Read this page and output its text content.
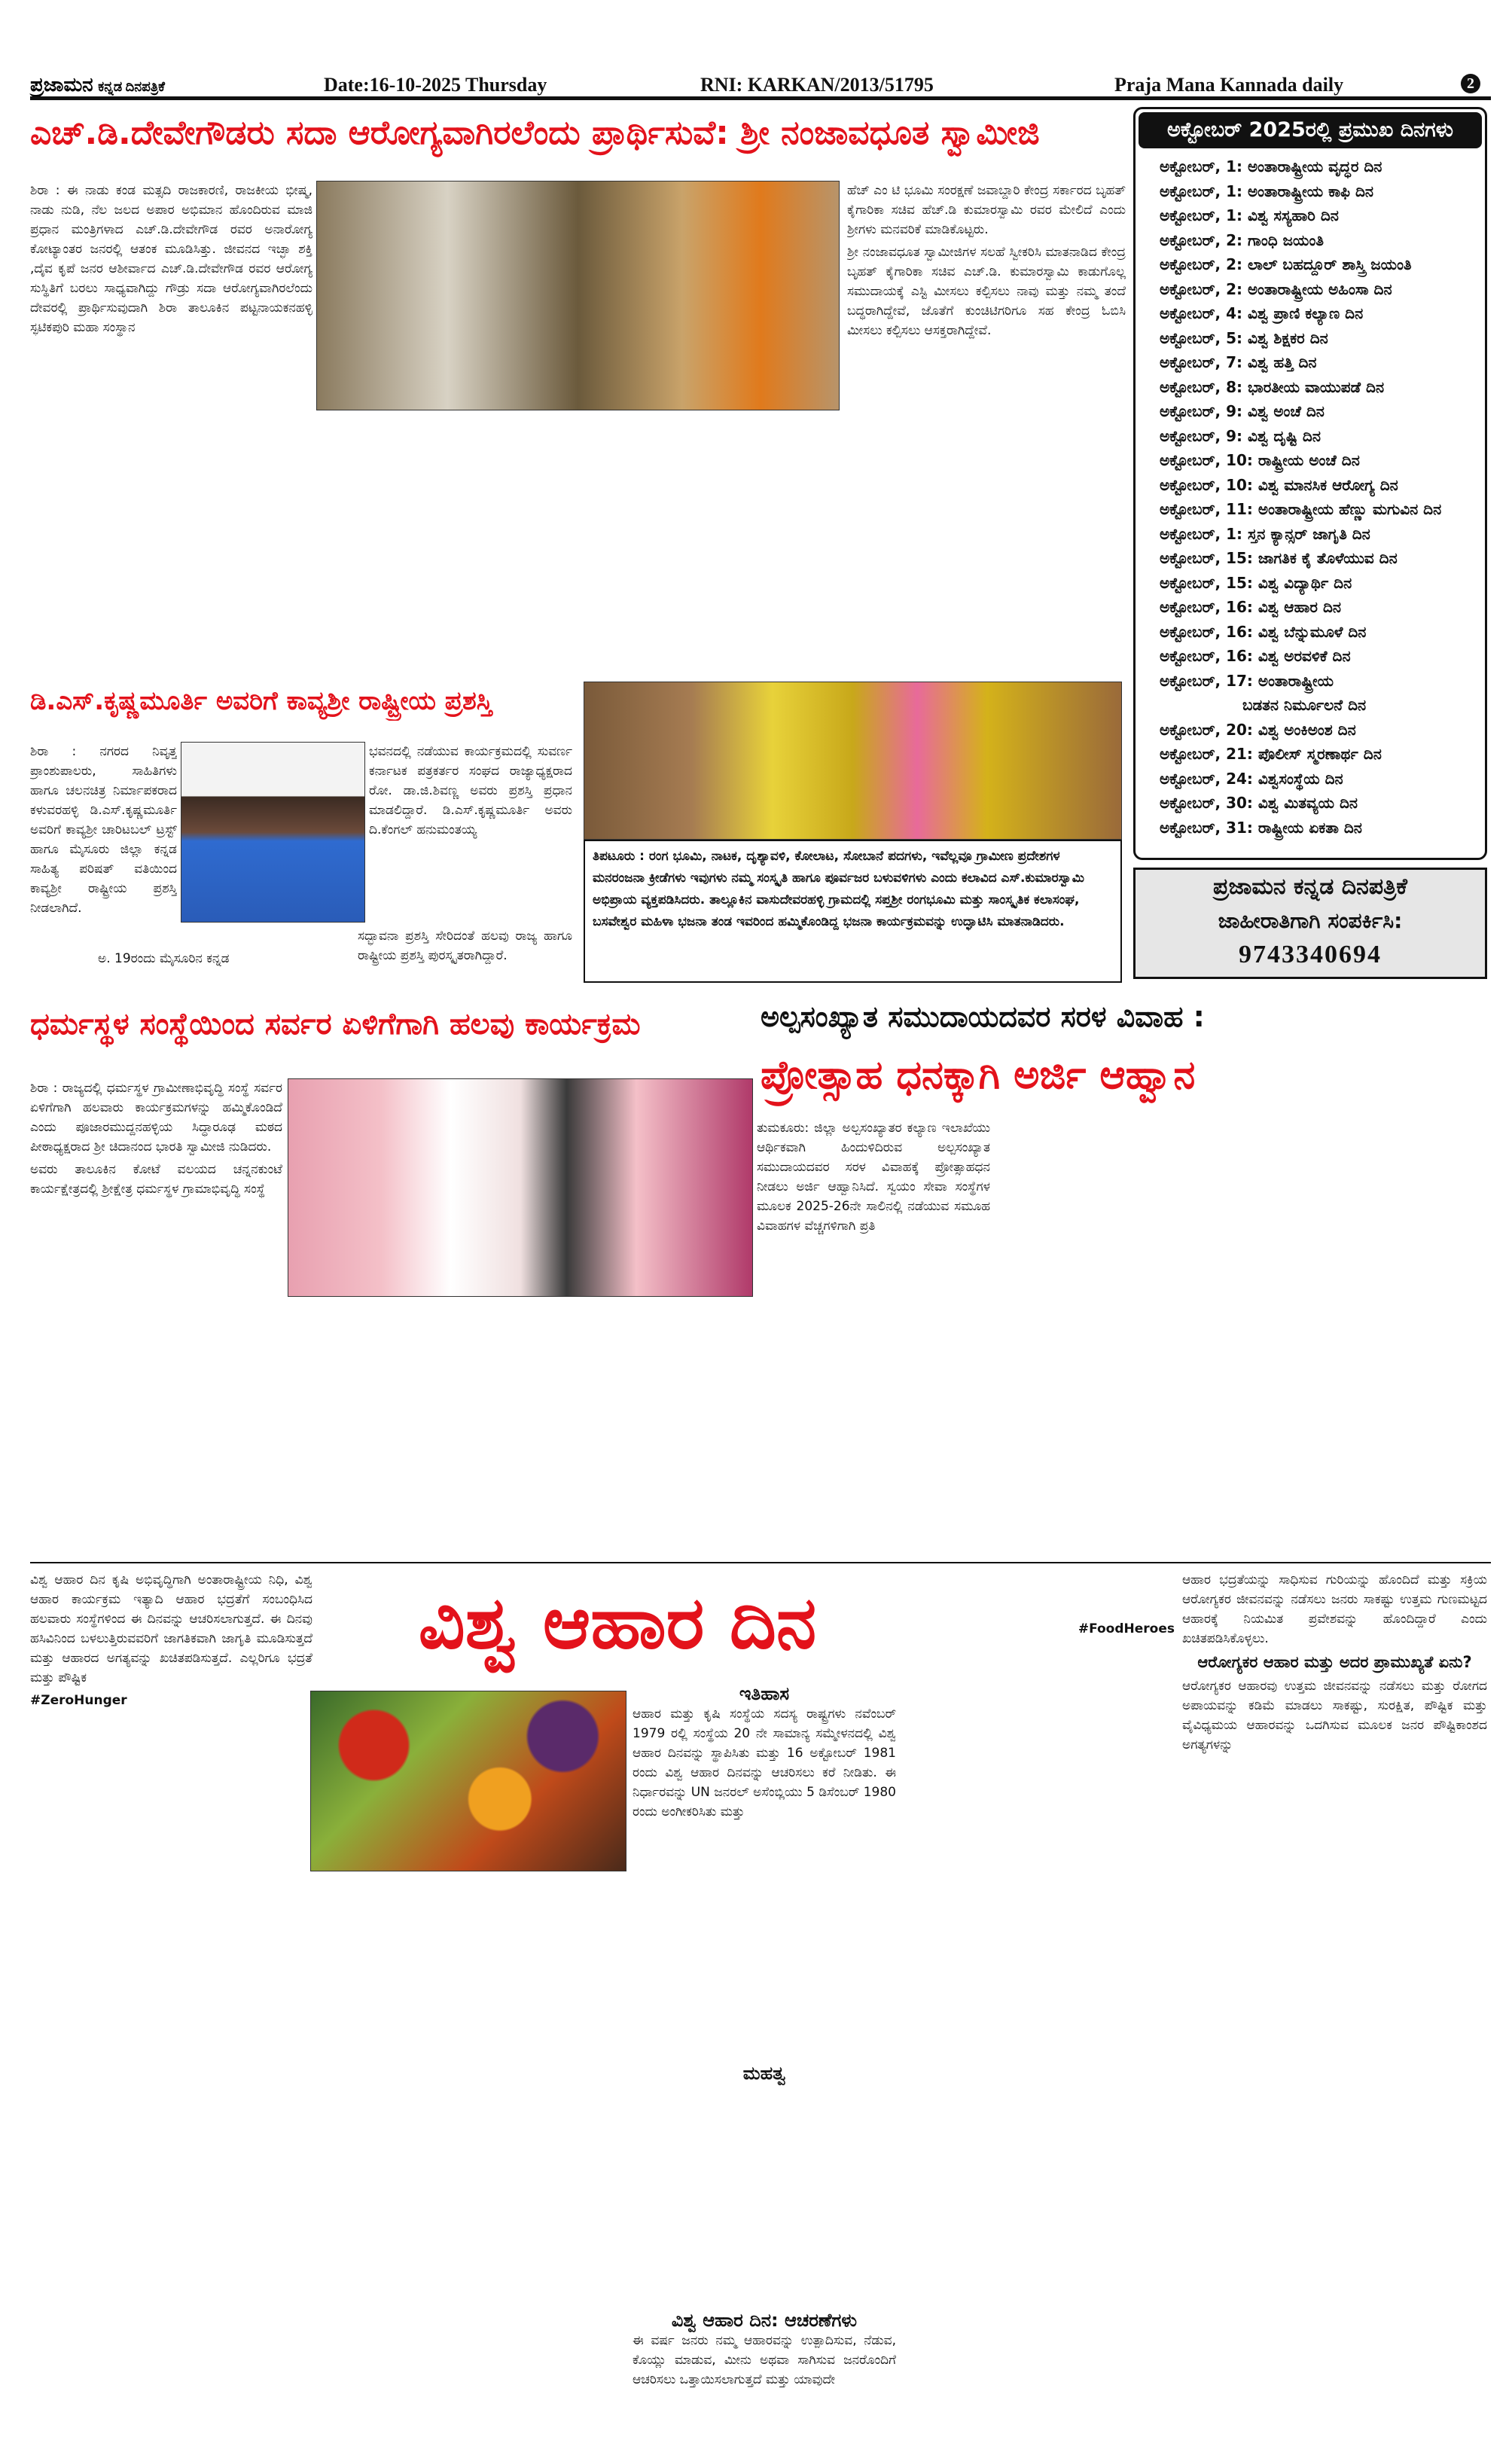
ಪ್ರಜಾಮನ ಕನ್ನಡ ದಿನಪತ್ರಿಕೆ	Date:16-10-2025 Thursday	RNI: KARKAN/2013/51795	Praja Mana Kannada daily	2
ಎಚ್.ಡಿ.ದೇವೇಗೌಡರು ಸದಾ ಆರೋಗ್ಯವಾಗಿರಲೆಂದು ಪ್ರಾರ್ಥಿಸುವೆ: ಶ್ರೀ ನಂಜಾವಧೂತ ಸ್ವಾಮೀಜಿ
ಶಿರಾ : ಈ ನಾಡು ಕಂಡ ಮತ್ಸದಿ ರಾಜಕಾರಣಿ, ರಾಜಕೀಯ ಭೀಷ್ಮ, ನಾಡು ನುಡಿ, ನೆಲ ಜಲದ ಅಪಾರ ಅಭಿಮಾನ ಹೊಂದಿರುವ ಮಾಜಿ ಪ್ರಧಾನ ಮಂತ್ರಿಗಳಾದ ಎಚ್.ಡಿ.ದೇವೇಗೌಡ ರವರ ಅನಾರೋಗ್ಯ ಕೋಟ್ಯಾಂತರ ಜನರಲ್ಲಿ ಆತಂಕ ಮೂಡಿಸಿತ್ತು. ಜೀವನದ ಇಚ್ಛಾ ಶಕ್ತಿ ,ದೈವ ಕೃಪೆ ಜನರ ಆಶೀರ್ವಾದ ಎಚ್.ಡಿ.ದೇವೇಗೌಡ ರವರ ಆರೋಗ್ಯ ಸುಸ್ಥಿತಿಗೆ ಬರಲು ಸಾಧ್ಯವಾಗಿದ್ದು ಗೌಡ್ರು ಸದಾ ಆರೋಗ್ಯವಾಗಿರಲೆಂದು ದೇವರಲ್ಲಿ ಪ್ರಾರ್ಥಿಸುವುದಾಗಿ ಶಿರಾ ತಾಲೂಕಿನ ಪಟ್ಟನಾಯಕನಹಳ್ಳಿ ಸ್ಫಟಿಕಪುರಿ ಮಹಾ ಸಂಸ್ಥಾನ

ಹೆಚ್ ಎಂ ಟಿ ಭೂಮಿ ಸಂರಕ್ಷಣೆ ಜವಾಬ್ದಾರಿ ಕೇಂದ್ರ ಸರ್ಕಾರದ ಬೃಹತ್ ಕೈಗಾರಿಕಾ ಸಚಿವ ಹೆಚ್.ಡಿ ಕುಮಾರಸ್ವಾಮಿ ರವರ ಮೇಲಿದೆ ಎಂದು ಶ್ರೀಗಳು ಮನವರಿಕೆ ಮಾಡಿಕೊಟ್ಟರು.

ಶ್ರೀ ನಂಜಾವಧೂತ ಸ್ವಾಮೀಜಿಗಳ ಸಲಹೆ ಸ್ವೀಕರಿಸಿ ಮಾತನಾಡಿದ ಕೇಂದ್ರ ಬೃಹತ್ ಕೈಗಾರಿಕಾ ಸಚಿವ ಎಚ್.ಡಿ. ಕುಮಾರಸ್ವಾಮಿ ಕಾಡುಗೊಲ್ಲ ಸಮುದಾಯಕ್ಕೆ ಎಸ್ಟಿ ಮೀಸಲು ಕಲ್ಪಿಸಲು ನಾವು ಮತ್ತು ನಮ್ಮ ತಂದೆ ಬದ್ಧರಾಗಿದ್ದೇವೆ, ಜೊತೆಗೆ ಕುಂಚಿಟಿಗರಿಗೂ ಸಹ ಕೇಂದ್ರ ಓಬಿಸಿ ಮೀಸಲು ಕಲ್ಪಿಸಲು ಆಸಕ್ತರಾಗಿದ್ದೇವೆ.

ಡಿ.ಎಸ್.ಕೃಷ್ಣಮೂರ್ತಿ ಅವರಿಗೆ ಕಾವ್ಯಶ್ರೀ ರಾಷ್ಟ್ರೀಯ ಪ್ರಶಸ್ತಿ
ಶಿರಾ : ನಗರದ ನಿವೃತ್ತ ಪ್ರಾಂಶುಪಾಲರು, ಸಾಹಿತಿಗಳು ಹಾಗೂ ಚಲನಚಿತ್ರ ನಿರ್ಮಾಪಕರಾದ ಕಳುವರಹಳ್ಳಿ ಡಿ.ಎಸ್.ಕೃಷ್ಣಮೂರ್ತಿ ಅವರಿಗೆ ಕಾವ್ಯಶ್ರೀ ಚಾರಿಟಬಲ್ ಟ್ರಸ್ಟ್ ಹಾಗೂ ಮೈಸೂರು ಜಿಲ್ಲಾ ಕನ್ನಡ ಸಾಹಿತ್ಯ ಪರಿಷತ್ ವತಿಯಿಂದ ಕಾವ್ಯಶ್ರೀ ರಾಷ್ಟ್ರೀಯ ಪ್ರಶಸ್ತಿ ನೀಡಲಾಗಿದೆ.
ಭವನದಲ್ಲಿ ನಡೆಯುವ ಕಾರ್ಯಕ್ರಮದಲ್ಲಿ ಸುವರ್ಣ ಕರ್ನಾಟಕ ಪತ್ರಕರ್ತರ ಸಂಘದ ರಾಜ್ಯಾಧ್ಯಕ್ಷರಾದ ರೋ. ಡಾ.ಜಿ.ಶಿವಣ್ಣ ಅವರು ಪ್ರಶಸ್ತಿ ಪ್ರಧಾನ ಮಾಡಲಿದ್ದಾರೆ. ಡಿ.ಎಸ್.ಕೃಷ್ಣಮೂರ್ತಿ ಅವರು ದಿ.ಕೆಂಗಲ್ ಹನುಮಂತಯ್ಯ
ಅ. 19ರಂದು ಮೈಸೂರಿನ ಕನ್ನಡ
ಸದ್ಭಾವನಾ ಪ್ರಶಸ್ತಿ ಸೇರಿದಂತೆ ಹಲವು ರಾಜ್ಯ ಹಾಗೂ ರಾಷ್ಟ್ರೀಯ ಪ್ರಶಸ್ತಿ ಪುರಸ್ಕೃತರಾಗಿದ್ದಾರೆ.
ತಿಪಟೂರು : ರಂಗ ಭೂಮಿ, ನಾಟಕ, ದೃಶ್ಯಾವಳಿ, ಕೋಲಾಟ, ಸೋಬಾನೆ ಪದಗಳು, ಇವೆಲ್ಲವೂ ಗ್ರಾಮೀಣ ಪ್ರದೇಶಗಳ ಮನರಂಜನಾ ಕ್ರೀಡೆಗಳು ಇವುಗಳು ನಮ್ಮ ಸಂಸ್ಕೃತಿ ಹಾಗೂ ಪೂರ್ವಜರ ಬಳುವಳಿಗಳು ಎಂದು ಕಲಾವಿದ ಎಸ್.ಕುಮಾರಸ್ವಾಮಿ ಅಭಿಪ್ರಾಯ ವ್ಯಕ್ತಪಡಿಸಿದರು. ತಾಲ್ಲೂಕಿನ ವಾಸುದೇವರಹಳ್ಳಿ ಗ್ರಾಮದಲ್ಲಿ ಸಪ್ತಶ್ರೀ ರಂಗಭೂಮಿ ಮತ್ತು ಸಾಂಸ್ಕೃತಿಕ ಕಲಾಸಂಘ, ಬಸವೇಶ್ವರ ಮಹಿಳಾ ಭಜನಾ ತಂಡ ಇವರಿಂದ ಹಮ್ಮಿಕೊಂಡಿದ್ದ ಭಜನಾ ಕಾರ್ಯಕ್ರಮವನ್ನು ಉದ್ಘಾಟಿಸಿ ಮಾತನಾಡಿದರು.
ಅಕ್ಟೋಬರ್ 2025ರಲ್ಲಿ ಪ್ರಮುಖ ದಿನಗಳು
ಅಕ್ಟೋಬರ್, 1: ಅಂತಾರಾಷ್ಟ್ರೀಯ ವೃದ್ಧರ ದಿನ
ಅಕ್ಟೋಬರ್, 1: ಅಂತಾರಾಷ್ಟ್ರೀಯ ಕಾಫಿ ದಿನ
ಅಕ್ಟೋಬರ್, 1: ವಿಶ್ವ ಸಸ್ಯಹಾರಿ ದಿನ
ಅಕ್ಟೋಬರ್, 2: ಗಾಂಧಿ ಜಯಂತಿ
ಅಕ್ಟೋಬರ್, 2: ಲಾಲ್ ಬಹದ್ದೂರ್ ಶಾಸ್ತ್ರಿ ಜಯಂತಿ
ಅಕ್ಟೋಬರ್, 2: ಅಂತಾರಾಷ್ಟ್ರೀಯ ಅಹಿಂಸಾ ದಿನ
ಅಕ್ಟೋಬರ್, 4: ವಿಶ್ವ ಪ್ರಾಣಿ ಕಲ್ಯಾಣ ದಿನ
ಅಕ್ಟೋಬರ್, 5: ವಿಶ್ವ ಶಿಕ್ಷಕರ ದಿನ
ಅಕ್ಟೋಬರ್, 7: ವಿಶ್ವ ಹತ್ತಿ ದಿನ
ಅಕ್ಟೋಬರ್, 8: ಭಾರತೀಯ ವಾಯುಪಡೆ ದಿನ
ಅಕ್ಟೋಬರ್, 9: ವಿಶ್ವ ಅಂಚೆ ದಿನ
ಅಕ್ಟೋಬರ್, 9: ವಿಶ್ವ ದೃಷ್ಟಿ ದಿನ
ಅಕ್ಟೋಬರ್, 10: ರಾಷ್ಟ್ರೀಯ ಅಂಚೆ ದಿನ
ಅಕ್ಟೋಬರ್, 10: ವಿಶ್ವ ಮಾನಸಿಕ ಆರೋಗ್ಯ ದಿನ
ಅಕ್ಟೋಬರ್, 11: ಅಂತಾರಾಷ್ಟ್ರೀಯ ಹೆಣ್ಣು ಮಗುವಿನ ದಿನ
ಅಕ್ಟೋಬರ್, 1: ಸ್ತನ ಕ್ಯಾನ್ಸರ್ ಜಾಗೃತಿ ದಿನ
ಅಕ್ಟೋಬರ್, 15: ಜಾಗತಿಕ ಕೈ ತೊಳೆಯುವ ದಿನ
ಅಕ್ಟೋಬರ್, 15: ವಿಶ್ವ ವಿದ್ಯಾರ್ಥಿ ದಿನ
ಅಕ್ಟೋಬರ್, 16: ವಿಶ್ವ ಆಹಾರ ದಿನ
ಅಕ್ಟೋಬರ್, 16: ವಿಶ್ವ ಬೆನ್ನುಮೂಳೆ ದಿನ
ಅಕ್ಟೋಬರ್, 16: ವಿಶ್ವ ಅರವಳಿಕೆ ದಿನ
ಅಕ್ಟೋಬರ್, 17: ಅಂತಾರಾಷ್ಟ್ರೀಯ
ಬಡತನ ನಿರ್ಮೂಲನೆ ದಿನ
ಅಕ್ಟೋಬರ್, 20: ವಿಶ್ವ ಅಂಕಿಅಂಶ ದಿನ
ಅಕ್ಟೋಬರ್, 21: ಪೊಲೀಸ್ ಸ್ಮರಣಾರ್ಥ ದಿನ
ಅಕ್ಟೋಬರ್, 24: ವಿಶ್ವಸಂಸ್ಥೆಯ ದಿನ
ಅಕ್ಟೋಬರ್, 30: ವಿಶ್ವ ಮಿತವ್ಯಯ ದಿನ
ಅಕ್ಟೋಬರ್, 31: ರಾಷ್ಟ್ರೀಯ ಏಕತಾ ದಿನ
ಪ್ರಜಾಮನ ಕನ್ನಡ ದಿನಪತ್ರಿಕೆ
ಜಾಹೀರಾತಿಗಾಗಿ ಸಂಪರ್ಕಿಸಿ:
9743340694
ಧರ್ಮಸ್ಥಳ ಸಂಸ್ಥೆಯಿಂದ ಸರ್ವರ ಏಳಿಗೆಗಾಗಿ ಹಲವು ಕಾರ್ಯಕ್ರಮ

ಶಿರಾ : ರಾಜ್ಯದಲ್ಲಿ ಧರ್ಮಸ್ಥಳ ಗ್ರಾಮೀಣಾಭಿವೃದ್ಧಿ ಸಂಸ್ಥೆ ಸರ್ವರ ಏಳಿಗೆಗಾಗಿ ಹಲವಾರು ಕಾರ್ಯಕ್ರಮಗಳನ್ನು ಹಮ್ಮಿಕೊಂಡಿದೆ ಎಂದು ಪೂಜಾರಮುದ್ದನಹಳ್ಳಿಯ ಸಿದ್ಧಾರೂಢ ಮಠದ ಪೀಠಾಧ್ಯಕ್ಷರಾದ ಶ್ರೀ ಚಿದಾನಂದ ಭಾರತಿ ಸ್ವಾಮೀಜಿ ನುಡಿದರು.

ಅವರು ತಾಲೂಕಿನ ಕೋಟೆ ವಲಯದ ಚನ್ನನಕುಂಟೆ ಕಾರ್ಯಕ್ಷೇತ್ರದಲ್ಲಿ ಶ್ರೀಕ್ಷೇತ್ರ ಧರ್ಮಸ್ಥಳ ಗ್ರಾಮಾಭಿವೃದ್ಧಿ ಸಂಸ್ಥೆ

ಅಲ್ಪಸಂಖ್ಯಾತ ಸಮುದಾಯದವರ ಸರಳ ವಿವಾಹ :
ಪ್ರೋತ್ಸಾಹ ಧನಕ್ಕಾಗಿ ಅರ್ಜಿ ಆಹ್ವಾನ
ತುಮಕೂರು: ಜಿಲ್ಲಾ ಅಲ್ಪಸಂಖ್ಯಾತರ ಕಲ್ಯಾಣ ಇಲಾಖೆಯು ಆರ್ಥಿಕವಾಗಿ ಹಿಂದುಳಿದಿರುವ ಅಲ್ಪಸಂಖ್ಯಾತ ಸಮುದಾಯದವರ ಸರಳ ವಿವಾಹಕ್ಕೆ ಪ್ರೋತ್ಸಾಹಧನ ನೀಡಲು ಅರ್ಜಿ ಆಹ್ವಾನಿಸಿದೆ. ಸ್ವಯಂ ಸೇವಾ ಸಂಸ್ಥೆಗಳ ಮೂಲಕ 2025-26ನೇ ಸಾಲಿನಲ್ಲಿ ನಡೆಯುವ ಸಮೂಹ ವಿವಾಹಗಳ ವೆಚ್ಚಗಳಿಗಾಗಿ ಪ್ರತಿ
ವಿಶ್ವ ಆಹಾರ ದಿನ

ವಿಶ್ವ ಆಹಾರ ದಿನ ಕೃಷಿ ಅಭಿವೃದ್ಧಿಗಾಗಿ ಅಂತಾರಾಷ್ಟ್ರೀಯ ನಿಧಿ, ವಿಶ್ವ ಆಹಾರ ಕಾರ್ಯಕ್ರಮ ಇತ್ಯಾದಿ ಆಹಾರ ಭದ್ರತೆಗೆ ಸಂಬಂಧಿಸಿದ ಹಲವಾರು ಸಂಸ್ಥೆಗಳಿಂದ ಈ ದಿನವನ್ನು ಆಚರಿಸಲಾಗುತ್ತದೆ. ಈ ದಿನವು ಹಸಿವಿನಿಂದ ಬಳಲುತ್ತಿರುವವರಿಗೆ ಜಾಗತಿಕವಾಗಿ ಜಾಗೃತಿ ಮೂಡಿಸುತ್ತದೆ ಮತ್ತು ಆಹಾರದ ಅಗತ್ಯವನ್ನು ಖಚಿತಪಡಿಸುತ್ತದೆ. ಎಲ್ಲರಿಗೂ ಭದ್ರತೆ ಮತ್ತು ಪೌಷ್ಟಿಕ

#ZeroHunger	ಇತಿಹಾಸ
ಆಹಾರ ಮತ್ತು ಕೃಷಿ ಸಂಸ್ಥೆಯ ಸದಸ್ಯ ರಾಷ್ಟ್ರಗಳು ನವೆಂಬರ್ 1979 ರಲ್ಲಿ ಸಂಸ್ಥೆಯ 20 ನೇ ಸಾಮಾನ್ಯ ಸಮ್ಮೇಳನದಲ್ಲಿ ವಿಶ್ವ ಆಹಾರ ದಿನವನ್ನು ಸ್ಥಾಪಿಸಿತು ಮತ್ತು 16 ಅಕ್ಟೋಬರ್ 1981 ರಂದು ವಿಶ್ವ ಆಹಾರ ದಿನವನ್ನು ಆಚರಿಸಲು ಕರೆ ನೀಡಿತು. ಈ ನಿರ್ಧಾರವನ್ನು UN ಜನರಲ್ ಅಸೆಂಬ್ಲಿಯು 5 ಡಿಸೆಂಬರ್ 1980 ರಂದು ಅಂಗೀಕರಿಸಿತು ಮತ್ತು
ಮಹತ್ವ
ವಿಶ್ವ ಆಹಾರ ದಿನ: ಆಚರಣೆಗಳು
ಈ ವರ್ಷ ಜನರು ನಮ್ಮ ಆಹಾರವನ್ನು ಉತ್ಪಾದಿಸುವ, ನೆಡುವ, ಕೊಯ್ಲು ಮಾಡುವ, ಮೀನು ಅಥವಾ ಸಾಗಿಸುವ ಜನರೊಂದಿಗೆ ಆಚರಿಸಲು ಒತ್ತಾಯಿಸಲಾಗುತ್ತದೆ ಮತ್ತು ಯಾವುದೇ
#FoodHeroes
ಆಹಾರ ಭದ್ರತೆಯನ್ನು ಸಾಧಿಸುವ ಗುರಿಯನ್ನು ಹೊಂದಿದೆ ಮತ್ತು ಸಕ್ರಿಯ ಆರೋಗ್ಯಕರ ಜೀವನವನ್ನು ನಡೆಸಲು ಜನರು ಸಾಕಷ್ಟು ಉತ್ತಮ ಗುಣಮಟ್ಟದ ಆಹಾರಕ್ಕೆ ನಿಯಮಿತ ಪ್ರವೇಶವನ್ನು ಹೊಂದಿದ್ದಾರೆ ಎಂದು ಖಚಿತಪಡಿಸಿಕೊಳ್ಳಲು.
ಆರೋಗ್ಯಕರ ಆಹಾರ ಮತ್ತು ಅದರ ಪ್ರಾಮುಖ್ಯತೆ ಏನು?
ಆರೋಗ್ಯಕರ ಆಹಾರವು ಉತ್ತಮ ಜೀವನವನ್ನು ನಡೆಸಲು ಮತ್ತು ರೋಗದ ಅಪಾಯವನ್ನು ಕಡಿಮೆ ಮಾಡಲು ಸಾಕಷ್ಟು, ಸುರಕ್ಷಿತ, ಪೌಷ್ಟಿಕ ಮತ್ತು ವೈವಿಧ್ಯಮಯ ಆಹಾರವನ್ನು ಒದಗಿಸುವ ಮೂಲಕ ಜನರ ಪೌಷ್ಟಿಕಾಂಶದ ಅಗತ್ಯಗಳನ್ನು
